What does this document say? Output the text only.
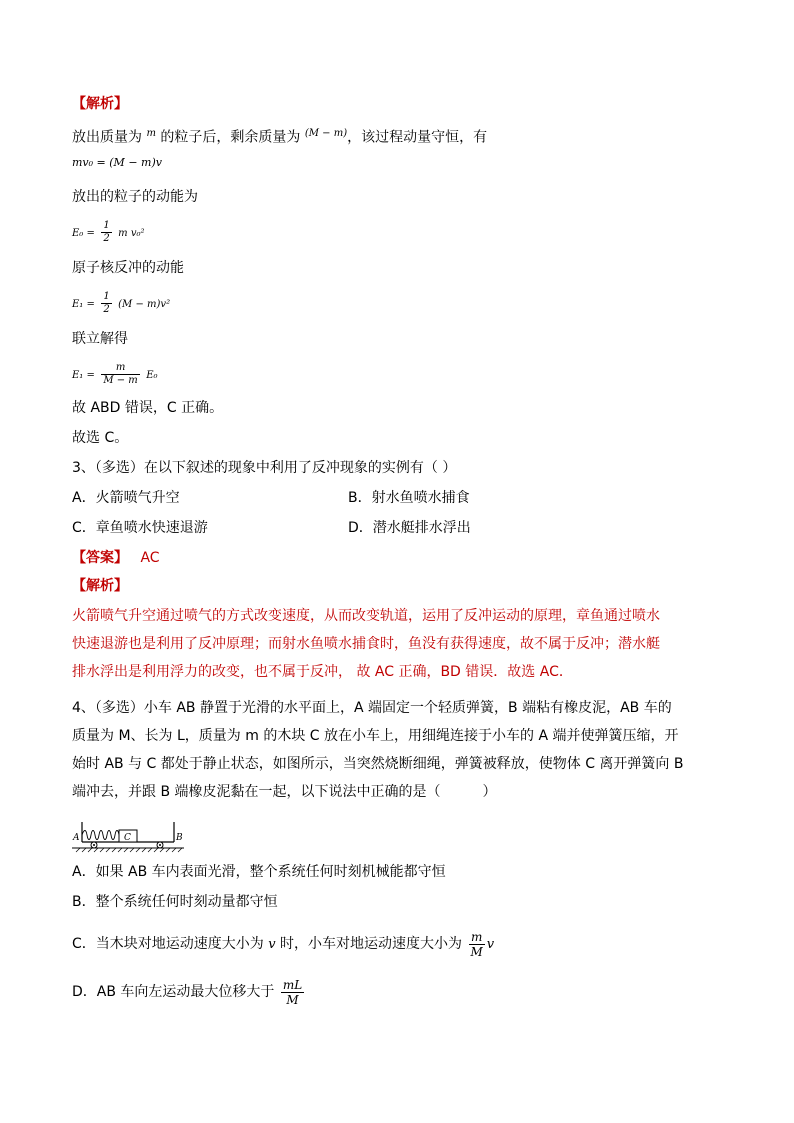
【解析】
放出质量为 $^m$ 的粒子后，剩余质量为 $^{(M - m)}$，该过程动量守恒，有
mv₀ = (M − m)v
放出的粒子的动能为
$E_0 = \frac{1}{2}$ m v₀²
原子核反冲的动能
$E_1 = \frac{1}{2} (M - m)v^2$
联立解得
$E_1 = \frac{m}{M - m} E_0$
故 ABD 错误，C 正确。
故选 C。
3、（多选）在以下叙述的现象中利用了反冲现象的实例有（ ）
A．火箭喷气升空	B．射水鱼喷水捕食
C．章鱼喷水快速退游	D．潜水艇排水浮出
【答案】 AC
【解析】
火箭喷气升空通过喷气的方式改变速度，从而改变轨道，运用了反冲运动的原理，章鱼通过喷水
快速退游也是利用了反冲原理；而射水鱼喷水捕食时，鱼没有获得速度，故不属于反冲；潜水艇
排水浮出是利用浮力的改变，也不属于反冲， 故 AC 正确，BD 错误．故选 AC．
4、（多选）小车 AB 静置于光滑的水平面上，A 端固定一个轻质弹簧，B 端粘有橡皮泥，AB 车的
质量为 M、长为 L，质量为 m 的木块 C 放在小车上，用细绳连接于小车的 A 端并使弹簧压缩，开
始时 AB 与 C 都处于静止状态，如图所示，当突然烧断细绳，弹簧被释放，使物体 C 离开弹簧向 B
端冲去，并跟 B 端橡皮泥黏在一起，以下说法中正确的是（　　　）
C
A	B
A．如果 AB 车内表面光滑，整个系统任何时刻机械能都守恒
B．整个系统任何时刻动量都守恒
C．当木块对地运动速度大小为 v 时，小车对地运动速度大小为 $\frac{m}{M}$ v
D．AB 车向左运动最大位移大于 $\frac{mL}{M}$
